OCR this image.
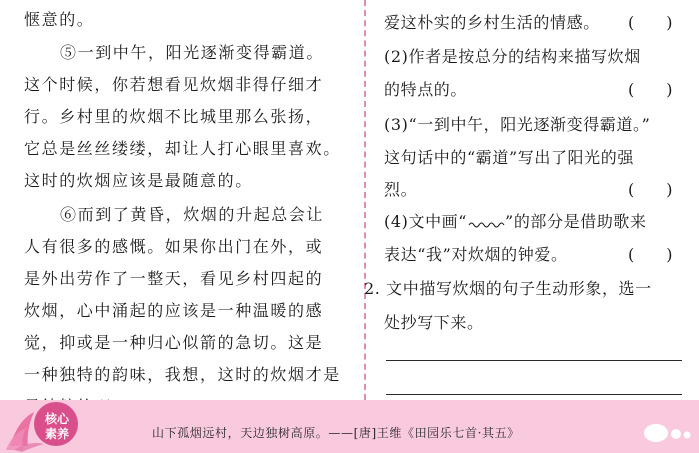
惬意的。
⑤一到中午，阳光逐渐变得霸道。
这个时候，你若想看见炊烟非得仔细才
行。乡村里的炊烟不比城里那么张扬，
它总是丝丝缕缕，却让人打心眼里喜欢。
这时的炊烟应该是最随意的。
⑥而到了黄昏，炊烟的升起总会让
人有很多的感慨。如果你出门在外，或
是外出劳作了一整天，看见乡村四起的
炊烟，心中涌起的应该是一种温暖的感
觉，抑或是一种归心似箭的急切。这是
一种独特的韵味，我想，这时的炊烟才是
爱这朴实的乡村生活的情感。
(2)作者是按总分的结构来描写炊烟
的特点的。
(3)“一到中午，阳光逐渐变得霸道。”
这句话中的“霸道”写出了阳光的强
烈。
(4)文中画“ ”的部分是借助歌来
表达“我”对炊烟的钟爱。
2. 文中描写炊烟的句子生动形象，选一
处抄写下来。
(　　)
(　　)
(　　)
(　　)
核心
素养	山下孤烟远村，天边独树高原。——[唐]王维《田园乐七首·其五》
